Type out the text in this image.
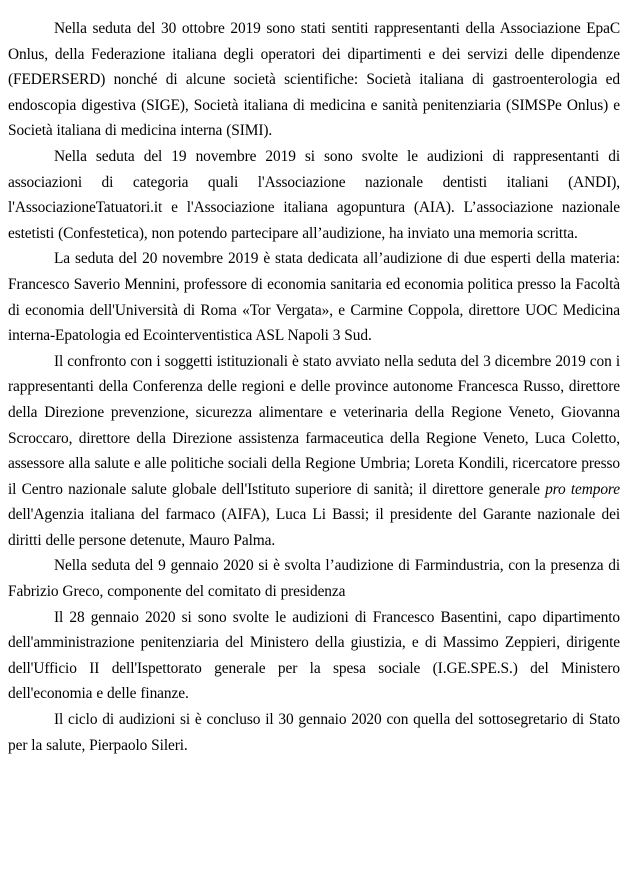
Nella seduta del 30 ottobre 2019 sono stati sentiti rappresentanti della Associazione EpaC Onlus, della Federazione italiana degli operatori dei dipartimenti e dei servizi delle dipendenze (FEDERSERD) nonché di alcune società scientifiche: Società italiana di gastroenterologia ed endoscopia digestiva (SIGE), Società italiana di medicina e sanità penitenziaria (SIMSPe Onlus) e Società italiana di medicina interna (SIMI).

Nella seduta del 19 novembre 2019 si sono svolte le audizioni di rappresentanti di associazioni di categoria quali l'Associazione nazionale dentisti italiani (ANDI), l'AssociazioneTatuatori.it e l'Associazione italiana agopuntura (AIA). L’associazione nazionale estetisti (Confestetica), non potendo partecipare all’audizione, ha inviato una memoria scritta.

La seduta del 20 novembre 2019 è stata dedicata all’audizione di due esperti della materia: Francesco Saverio Mennini, professore di economia sanitaria ed economia politica presso la Facoltà di economia dell'Università di Roma «Tor Vergata», e Carmine Coppola, direttore UOC Medicina interna-Epatologia ed Ecointerventistica ASL Napoli 3 Sud.

Il confronto con i soggetti istituzionali è stato avviato nella seduta del 3 dicembre 2019 con i rappresentanti della Conferenza delle regioni e delle province autonome Francesca Russo, direttore della Direzione prevenzione, sicurezza alimentare e veterinaria della Regione Veneto, Giovanna Scroccaro, direttore della Direzione assistenza farmaceutica della Regione Veneto, Luca Coletto, assessore alla salute e alle politiche sociali della Regione Umbria; Loreta Kondili, ricercatore presso il Centro nazionale salute globale dell'Istituto superiore di sanità; il direttore generale pro tempore dell'Agenzia italiana del farmaco (AIFA), Luca Li Bassi; il presidente del Garante nazionale dei diritti delle persone detenute, Mauro Palma.

Nella seduta del 9 gennaio 2020 si è svolta l’audizione di Farmindustria, con la presenza di Fabrizio Greco, componente del comitato di presidenza

Il 28 gennaio 2020 si sono svolte le audizioni di Francesco Basentini, capo dipartimento dell'amministrazione penitenziaria del Ministero della giustizia, e di Massimo Zeppieri, dirigente dell'Ufficio II dell'Ispettorato generale per la spesa sociale (I.GE.SPE.S.) del Ministero dell'economia e delle finanze.

Il ciclo di audizioni si è concluso il 30 gennaio 2020 con quella del sottosegretario di Stato per la salute, Pierpaolo Sileri.
